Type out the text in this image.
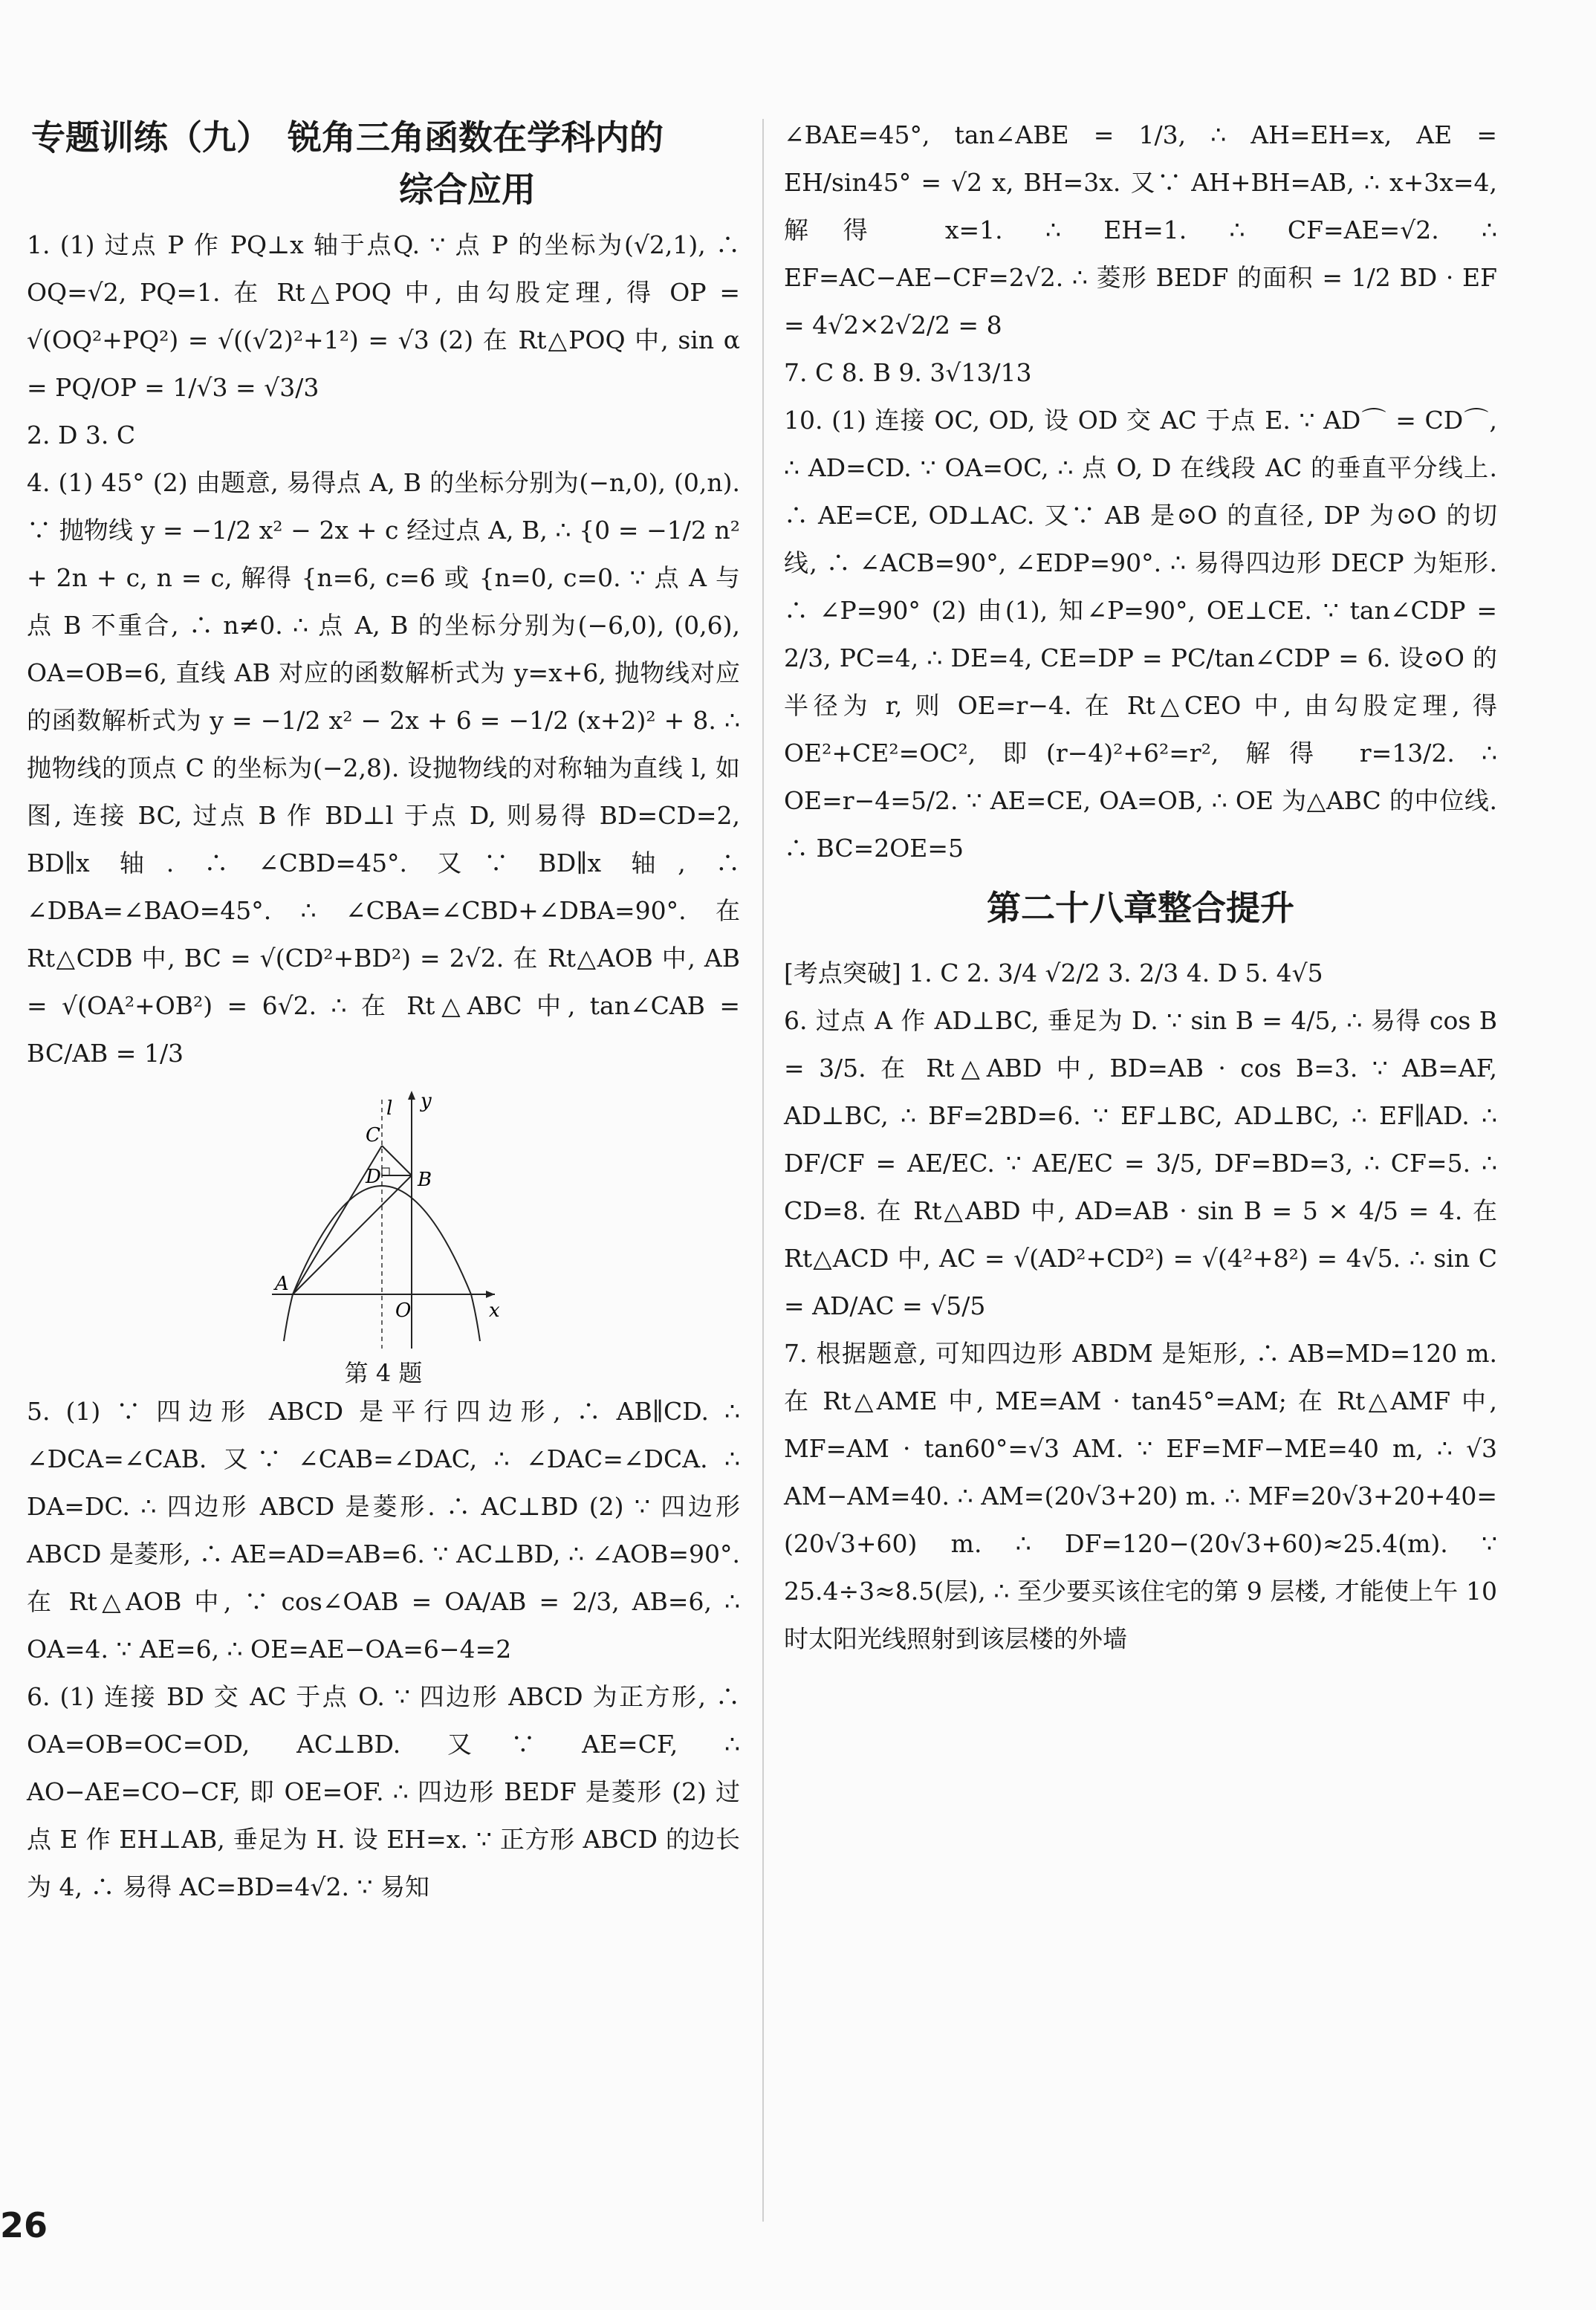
专题训练（九）　锐角三角函数在学科内的
综合应用

1. (1) 过点 P 作 PQ⊥x 轴于点Q. ∵ 点 P 的坐标为(√2,1), ∴ OQ=√2, PQ=1. 在 Rt△POQ 中, 由勾股定理, 得 OP = √(OQ²+PQ²) = √((√2)²+1²) = √3 (2) 在 Rt△POQ 中, sin α = PQ/OP = 1/√3 = √3/3

2. D 3. C

4. (1) 45° (2) 由题意, 易得点 A, B 的坐标分别为(−n,0), (0,n). ∵ 抛物线 y = −1/2 x² − 2x + c 经过点 A, B, ∴ {0 = −1/2 n² + 2n + c, n = c, 解得 {n=6, c=6 或 {n=0, c=0. ∵ 点 A 与点 B 不重合, ∴ n≠0. ∴ 点 A, B 的坐标分别为(−6,0), (0,6), OA=OB=6, 直线 AB 对应的函数解析式为 y=x+6, 抛物线对应的函数解析式为 y = −1/2 x² − 2x + 6 = −1/2 (x+2)² + 8. ∴ 抛物线的顶点 C 的坐标为(−2,8). 设抛物线的对称轴为直线 l, 如图, 连接 BC, 过点 B 作 BD⊥l 于点 D, 则易得 BD=CD=2, BD∥x 轴. ∴ ∠CBD=45°. 又∵ BD∥x 轴, ∴ ∠DBA=∠BAO=45°. ∴ ∠CBA=∠CBD+∠DBA=90°. 在 Rt△CDB 中, BC = √(CD²+BD²) = 2√2. 在 Rt△AOB 中, AB = √(OA²+OB²) = 6√2. ∴ 在 Rt△ABC 中, tan∠CAB = BC/AB = 1/3

C
l y
D B
A
O	x
第 4 题

5. (1) ∵ 四边形 ABCD 是平行四边形, ∴ AB∥CD. ∴ ∠DCA=∠CAB. 又∵ ∠CAB=∠DAC, ∴ ∠DAC=∠DCA. ∴ DA=DC. ∴ 四边形 ABCD 是菱形. ∴ AC⊥BD (2) ∵ 四边形 ABCD 是菱形, ∴ AE=AD=AB=6. ∵ AC⊥BD, ∴ ∠AOB=90°. 在 Rt△AOB 中, ∵ cos∠OAB = OA/AB = 2/3, AB=6, ∴ OA=4. ∵ AE=6, ∴ OE=AE−OA=6−4=2

6. (1) 连接 BD 交 AC 于点 O. ∵ 四边形 ABCD 为正方形, ∴ OA=OB=OC=OD, AC⊥BD. 又∵ AE=CF, ∴ AO−AE=CO−CF, 即 OE=OF. ∴ 四边形 BEDF 是菱形 (2) 过点 E 作 EH⊥AB, 垂足为 H. 设 EH=x. ∵ 正方形 ABCD 的边长为 4, ∴ 易得 AC=BD=4√2. ∵ 易知

∠BAE=45°, tan∠ABE = 1/3, ∴ AH=EH=x, AE = EH/sin45° = √2 x, BH=3x. 又∵ AH+BH=AB, ∴ x+3x=4, 解得 x=1. ∴ EH=1. ∴ CF=AE=√2. ∴ EF=AC−AE−CF=2√2. ∴ 菱形 BEDF 的面积 = 1/2 BD · EF = 4√2×2√2/2 = 8

7. C 8. B 9. 3√13/13

10. (1) 连接 OC, OD, 设 OD 交 AC 于点 E. ∵ AD⌒ = CD⌒, ∴ AD=CD. ∵ OA=OC, ∴ 点 O, D 在线段 AC 的垂直平分线上. ∴ AE=CE, OD⊥AC. 又∵ AB 是⊙O 的直径, DP 为⊙O 的切线, ∴ ∠ACB=90°, ∠EDP=90°. ∴ 易得四边形 DECP 为矩形. ∴ ∠P=90° (2) 由(1), 知∠P=90°, OE⊥CE. ∵ tan∠CDP = 2/3, PC=4, ∴ DE=4, CE=DP = PC/tan∠CDP = 6. 设⊙O 的半径为 r, 则 OE=r−4. 在 Rt△CEO 中, 由勾股定理, 得 OE²+CE²=OC², 即(r−4)²+6²=r², 解得 r=13/2. ∴ OE=r−4=5/2. ∵ AE=CE, OA=OB, ∴ OE 为△ABC 的中位线. ∴ BC=2OE=5

第二十八章整合提升

[考点突破] 1. C 2. 3/4 √2/2 3. 2/3 4. D 5. 4√5

6. 过点 A 作 AD⊥BC, 垂足为 D. ∵ sin B = 4/5, ∴ 易得 cos B = 3/5. 在 Rt△ABD 中, BD=AB · cos B=3. ∵ AB=AF, AD⊥BC, ∴ BF=2BD=6. ∵ EF⊥BC, AD⊥BC, ∴ EF∥AD. ∴ DF/CF = AE/EC. ∵ AE/EC = 3/5, DF=BD=3, ∴ CF=5. ∴ CD=8. 在 Rt△ABD 中, AD=AB · sin B = 5 × 4/5 = 4. 在 Rt△ACD 中, AC = √(AD²+CD²) = √(4²+8²) = 4√5. ∴ sin C = AD/AC = √5/5

7. 根据题意, 可知四边形 ABDM 是矩形, ∴ AB=MD=120 m. 在 Rt△AME 中, ME=AM · tan45°=AM; 在 Rt△AMF 中, MF=AM · tan60°=√3 AM. ∵ EF=MF−ME=40 m, ∴ √3 AM−AM=40. ∴ AM=(20√3+20) m. ∴ MF=20√3+20+40=(20√3+60) m. ∴ DF=120−(20√3+60)≈25.4(m). ∵ 25.4÷3≈8.5(层), ∴ 至少要买该住宅的第 9 层楼, 才能使上午 10 时太阳光线照射到该层楼的外墙

26
